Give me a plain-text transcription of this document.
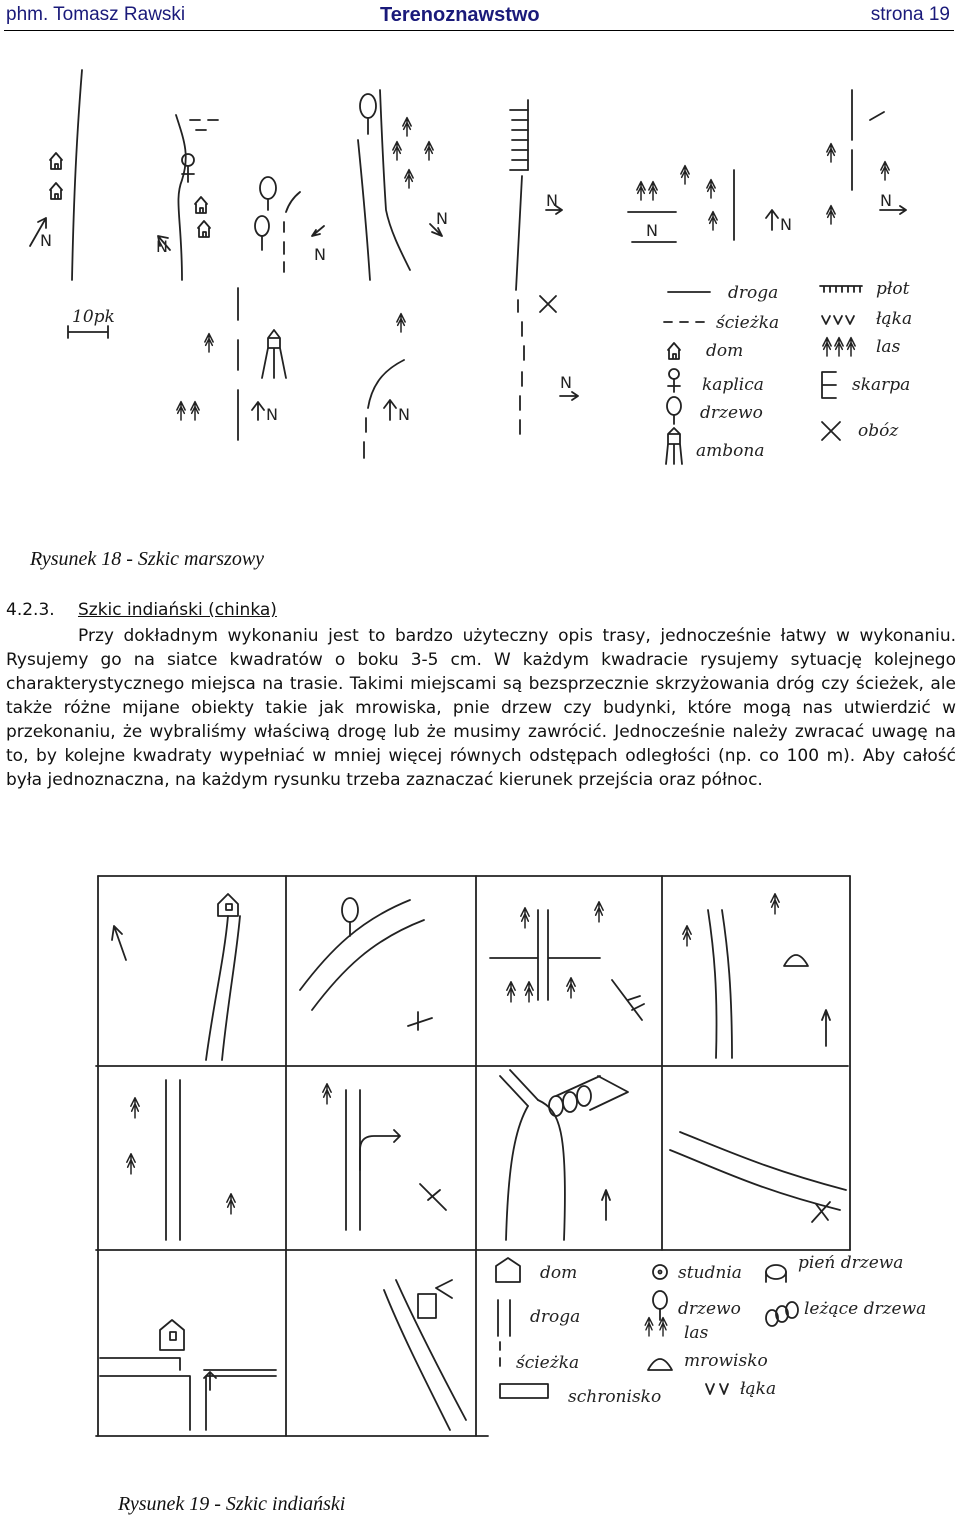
phm. Tomasz Rawski	Terenoznawstwo	strona 19
N	N	N
N
N
N	N
N
10pk
N	N
N
droga
ścieżka
dom
kaplica
drzewo
ambona
płot
łąka
las
skarpa
obóz
Rysunek 18 - Szkic marszowy
4.2.3. Szkic indiański (chinka)

Przy dokładnym wykonaniu jest to bardzo użyteczny opis trasy, jednocześnie łatwy w wykonaniu. Rysujemy go na siatce kwadratów o boku 3-5 cm. W każdym kwadracie rysujemy sytuację kolejnego charakterystycznego miejsca na trasie. Takimi miejscami są bezsprzecznie skrzyżowania dróg czy ścieżek, ale także różne mijane obiekty takie jak mrowiska, pnie drzew czy budynki, które mogą nas utwierdzić w przekonaniu, że wybraliśmy właściwą drogę lub że musimy zawrócić. Jednocześnie należy zwracać uwagę na to, by kolejne kwadraty wypełniać w mniej więcej równych odstępach odległości (np. co 100 m). Aby całość była jednoznaczna, na każdym rysunku trzeba zaznaczać kierunek przejścia oraz północ.

dom
droga
ścieżka
schronisko
studnia
drzewo
las
mrowisko
pień drzewa
leżące drzewa
łąka
Rysunek 19 - Szkic indiański
